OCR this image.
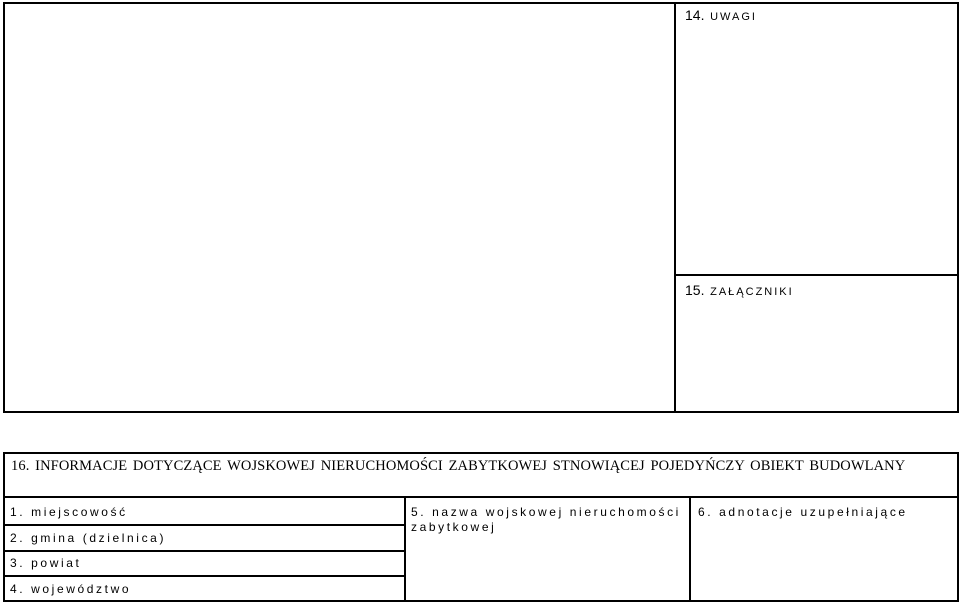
14. UWAGI
15. ZAŁĄCZNIKI
16. INFORMACJE DOTYCZĄCE WOJSKOWEJ NIERUCHOMOŚCI ZABYTKOWEJ STNOWIĄCEJ POJEDYŃCZY OBIEKT BUDOWLANY
1. miejscowość
2. gmina (dzielnica)
3. powiat
4. województwo
5. nazwa wojskowej nieruchomości zabytkowej
6. adnotacje uzupełniające
